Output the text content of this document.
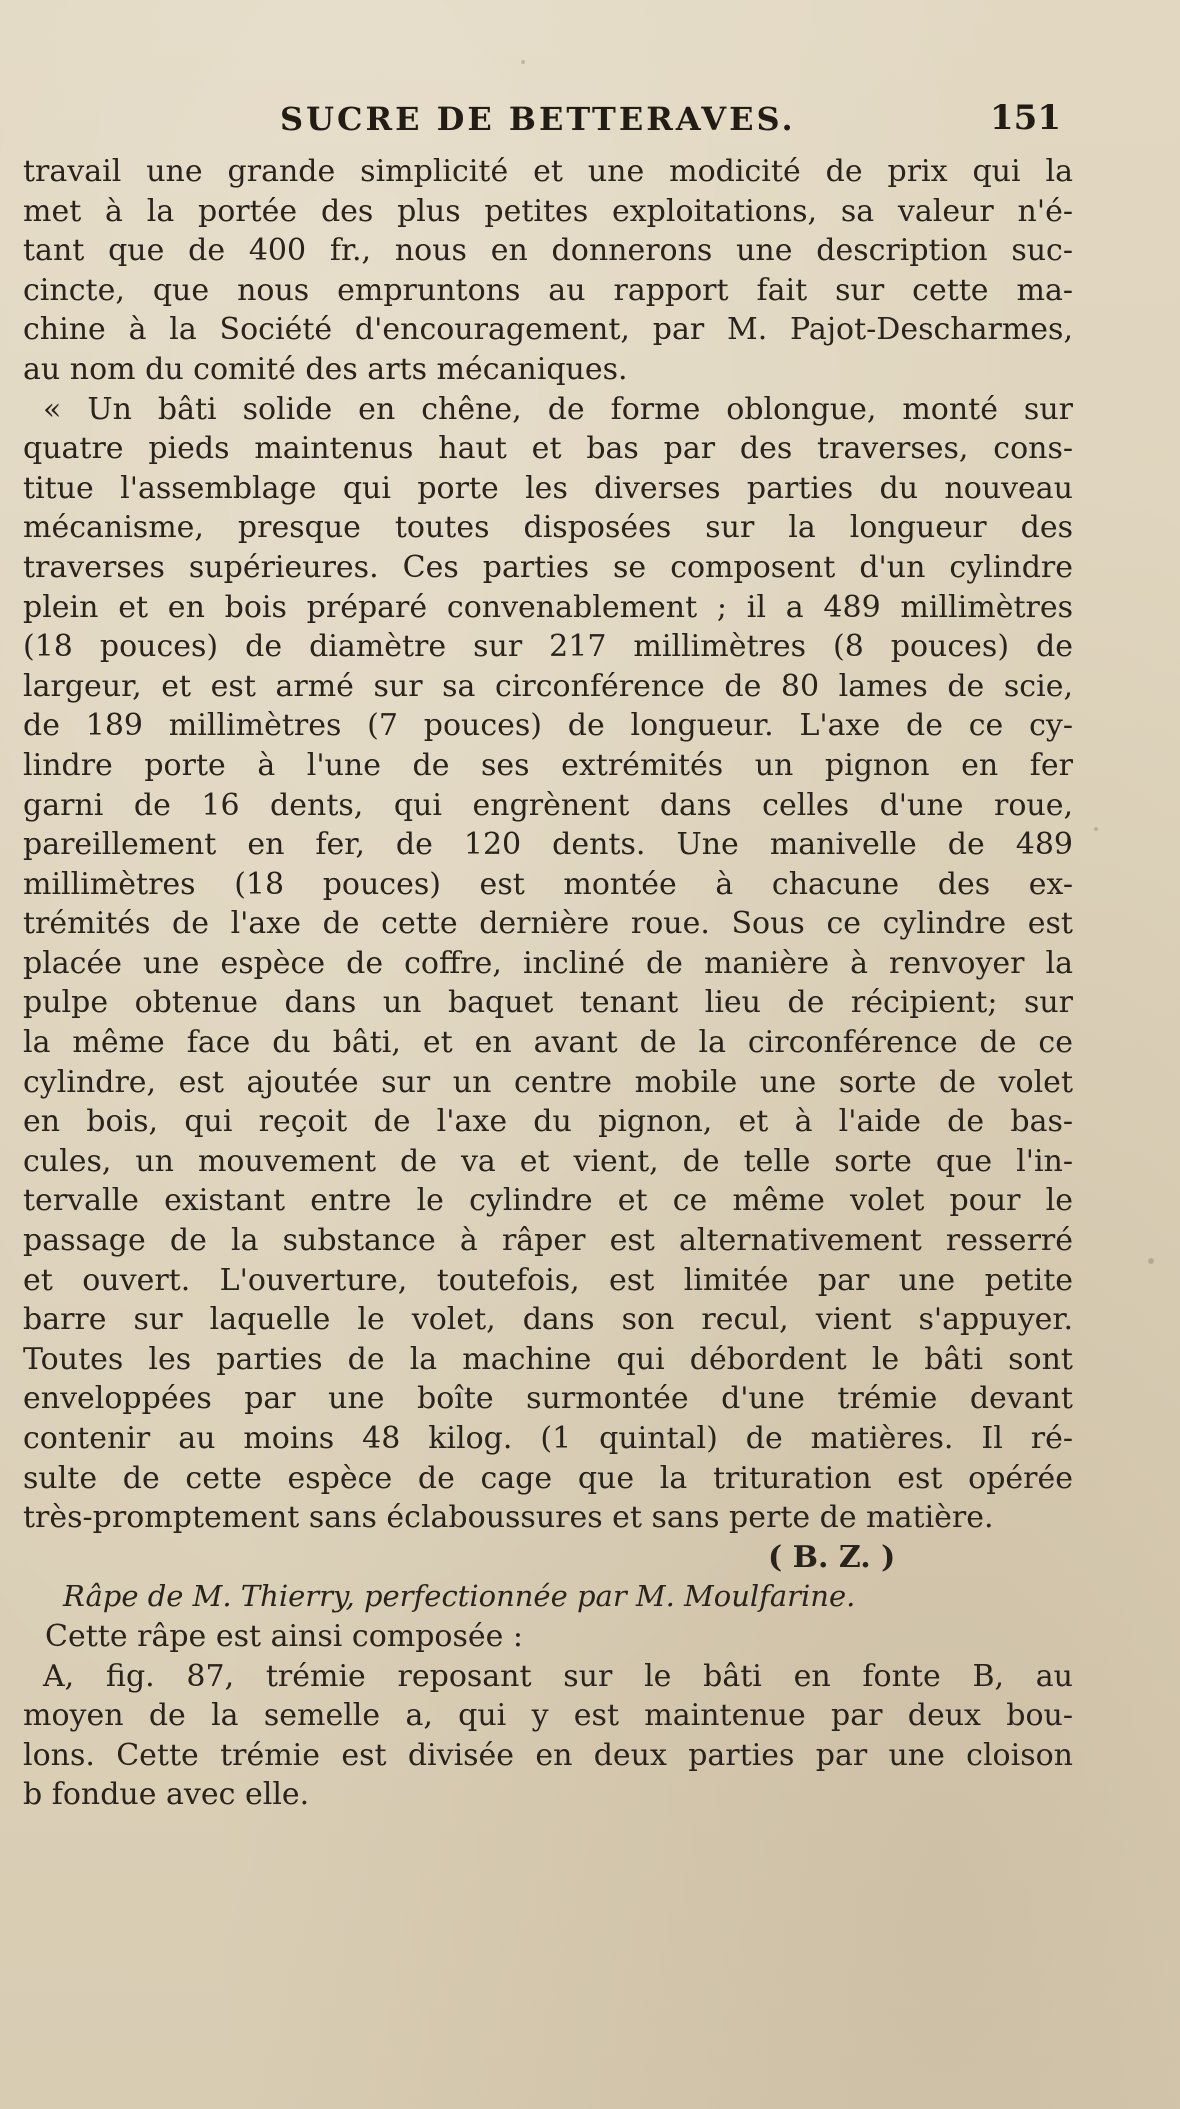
SUCRE DE BETTERAVES.	151
travail une grande simplicité et une modicité de prix qui la
met à la portée des plus petites exploitations, sa valeur n'é-
tant que de 400 fr., nous en donnerons une description suc-
cincte, que nous empruntons au rapport fait sur cette ma-
chine à la Société d'encouragement, par M. Pajot-Descharmes,
au nom du comité des arts mécaniques.
« Un bâti solide en chêne, de forme oblongue, monté sur
quatre pieds maintenus haut et bas par des traverses, cons-
titue l'assemblage qui porte les diverses parties du nouveau
mécanisme, presque toutes disposées sur la longueur des
traverses supérieures. Ces parties se composent d'un cylindre
plein et en bois préparé convenablement ; il a 489 millimètres
(18 pouces) de diamètre sur 217 millimètres (8 pouces) de
largeur, et est armé sur sa circonférence de 80 lames de scie,
de 189 millimètres (7 pouces) de longueur. L'axe de ce cy-
lindre porte à l'une de ses extrémités un pignon en fer
garni de 16 dents, qui engrènent dans celles d'une roue,
pareillement en fer, de 120 dents. Une manivelle de 489
millimètres (18 pouces) est montée à chacune des ex-
trémités de l'axe de cette dernière roue. Sous ce cylindre est
placée une espèce de coffre, incliné de manière à renvoyer la
pulpe obtenue dans un baquet tenant lieu de récipient; sur
la même face du bâti, et en avant de la circonférence de ce
cylindre, est ajoutée sur un centre mobile une sorte de volet
en bois, qui reçoit de l'axe du pignon, et à l'aide de bas-
cules, un mouvement de va et vient, de telle sorte que l'in-
tervalle existant entre le cylindre et ce même volet pour le
passage de la substance à râper est alternativement resserré
et ouvert. L'ouverture, toutefois, est limitée par une petite
barre sur laquelle le volet, dans son recul, vient s'appuyer.
Toutes les parties de la machine qui débordent le bâti sont
enveloppées par une boîte surmontée d'une trémie devant
contenir au moins 48 kilog. (1 quintal) de matières. Il ré-
sulte de cette espèce de cage que la trituration est opérée
très-promptement sans éclaboussures et sans perte de matière.
( B. Z. )
Râpe de M. Thierry, perfectionnée par M. Moulfarine.
Cette râpe est ainsi composée :
A, fig. 87, trémie reposant sur le bâti en fonte B, au
moyen de la semelle a, qui y est maintenue par deux bou-
lons. Cette trémie est divisée en deux parties par une cloison
b fondue avec elle.
